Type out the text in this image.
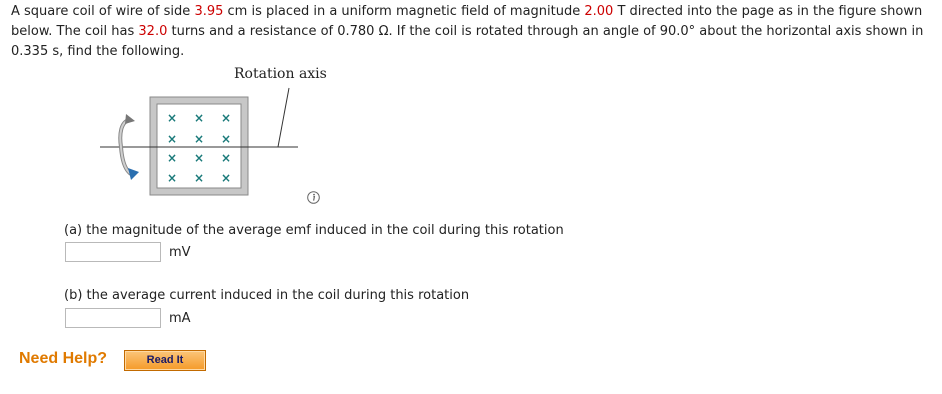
A square coil of wire of side 3.95 cm is placed in a uniform magnetic field of magnitude 2.00 T directed into the page as in the figure shown below. The coil has 32.0 turns and a resistance of 0.780 Ω. If the coil is rotated through an angle of 90.0° about the horizontal axis shown in 0.335 s, find the following.

Rotation axis
× × ×
× × ×
× × ×
× × ×

(a) the magnitude of the average emf induced in the coil during this rotation

mV

(b) the average current induced in the coil during this rotation

mA
Need Help?	Read It
